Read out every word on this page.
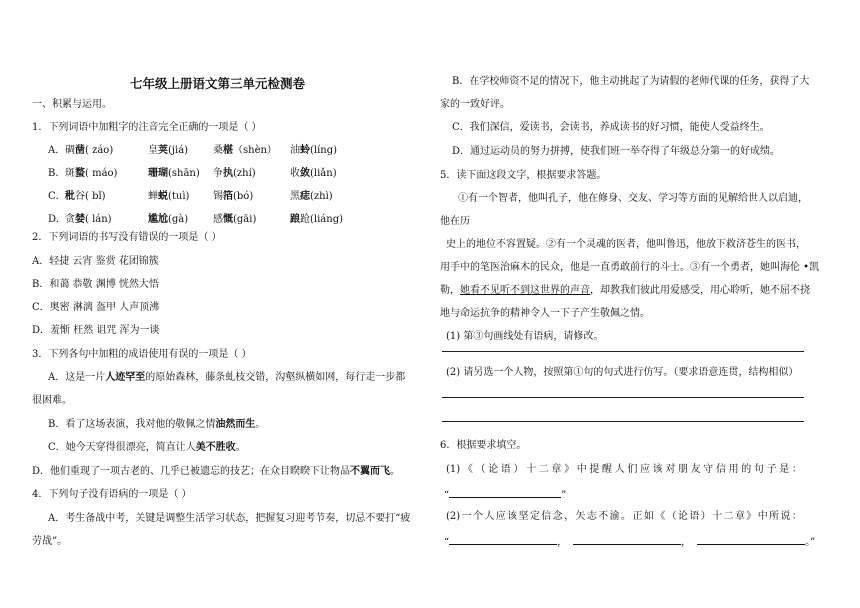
七年级上册语文第三单元检测卷
一、积累与运用。
1．下列词语中加粗字的注音完全正确的一项是（ ）
A． 碉凿( záo)	皇荚(jiá) 桑椹（shèn） 油蛉(líng)
B． 斑蝥( máo)	珊瑚(shān) 争执(zhí)	收敛(liǎn)
C． 秕谷( bǐ)	蝉蜕(tuì) 锡箔(bó)	黑痣(zhì)
D．
贪婪( lán)	尴尬(gà) 感慨(gāi)	踉跄(liáng)
2．下列词语的书写没有错误的一项是（ ）
A．轻捷 云宵 鉴赏 花团锦簇
B．和蔼 恭敬 渊博 恍然大悟
C．奥密 淋漓 盔甲 人声顶沸
D．羞惭 枉然 诅咒 浑为一谈
3．下列各句中加粗的成语使用有误的一项是（ ）
A．这是一片人迹罕至的原始森林，藤条虬枝交错，沟壑纵横如网，每行走一步都
很困难。
B．看了这场表演，我对他的敬佩之情油然而生。
C．她今天穿得很漂亮，简直让人美不胜收。
D．他们重现了一项古老的、几乎已被遗忘的技艺；在众目睽睽下让物品不翼而飞。
4．下列句子没有语病的一项是（ ）
A．考生备战中考，关键是调整生活学习状态，把握复习迎考节奏，切忌不要打“疲
劳战”。
B．在学校师资不足的情况下，他主动挑起了为请假的老师代课的任务，获得了大
家的一致好评。
C．我们深信，爱读书，会读书，养成读书的好习惯，能使人受益终生。
D．通过运动员的努力拼搏，使我们班一举夺得了年级总分第一的好成绩。
5．读下面这段文字，根据要求答题。
①有一个智者，他叫孔子，他在修身、交友、学习等方面的见解给世人以启迪，
他在历
史上的地位不容置疑。②有一个灵魂的医者，他叫鲁迅，他放下救济苍生的医书，
用手中的笔医治麻木的民众，他是一直勇敢前行的斗士。③有一个勇者，她叫海伦 •凯
勒，她看不见听不到这世界的声音，却教我们彼此用爱感受，用心聆听，她不屈不挠
地与命运抗争的精神令人一下子产生敬佩之情。
(1) 第③句画线处有语病，请修改。
(2) 请另选一个人物，按照第①句的句式进行仿写。（要求语意连贯，结构相似）
6．根据要求填空。
(1) 《 （ 论 语 ） 十 二 章 》 中 提 醒 人 们 应 该 对 朋 友 守 信 用 的 句 子 是 ：
“	”
(2) 一 个 人 应 该 坚 定 信 念 ， 矢 志 不 渝 。 正 如 《 （ 论 语 ） 十 二 章 》 中 所 说 ：
“	，	，	。”
